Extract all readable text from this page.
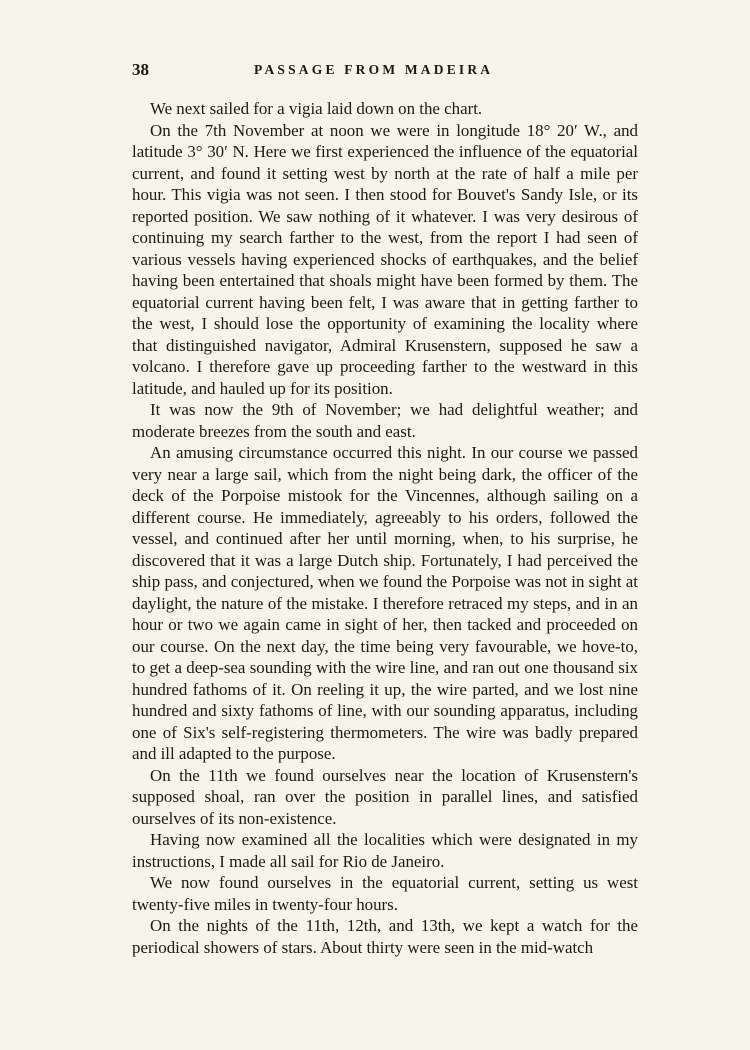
38	PASSAGE FROM MADEIRA

We next sailed for a vigia laid down on the chart.

On the 7th November at noon we were in longitude 18° 20′ W., and latitude 3° 30′ N. Here we first experienced the influence of the equatorial current, and found it setting west by north at the rate of half a mile per hour. This vigia was not seen. I then stood for Bouvet's Sandy Isle, or its reported position. We saw nothing of it whatever. I was very desirous of continuing my search farther to the west, from the report I had seen of various vessels having experienced shocks of earthquakes, and the belief having been entertained that shoals might have been formed by them. The equatorial current having been felt, I was aware that in getting farther to the west, I should lose the opportunity of examining the locality where that distinguished navigator, Admiral Krusenstern, supposed he saw a volcano. I therefore gave up proceeding farther to the westward in this latitude, and hauled up for its position.

It was now the 9th of November; we had delightful weather; and moderate breezes from the south and east.

An amusing circumstance occurred this night. In our course we passed very near a large sail, which from the night being dark, the officer of the deck of the Porpoise mistook for the Vincennes, although sailing on a different course. He immediately, agreeably to his orders, followed the vessel, and continued after her until morning, when, to his surprise, he discovered that it was a large Dutch ship. Fortunately, I had perceived the ship pass, and conjectured, when we found the Porpoise was not in sight at daylight, the nature of the mistake. I therefore retraced my steps, and in an hour or two we again came in sight of her, then tacked and proceeded on our course. On the next day, the time being very favourable, we hove-to, to get a deep-sea sounding with the wire line, and ran out one thousand six hundred fathoms of it. On reeling it up, the wire parted, and we lost nine hundred and sixty fathoms of line, with our sounding apparatus, including one of Six's self-registering thermometers. The wire was badly prepared and ill adapted to the purpose.

On the 11th we found ourselves near the location of Krusenstern's supposed shoal, ran over the position in parallel lines, and satisfied ourselves of its non-existence.

Having now examined all the localities which were designated in my instructions, I made all sail for Rio de Janeiro.

We now found ourselves in the equatorial current, setting us west twenty-five miles in twenty-four hours.

On the nights of the 11th, 12th, and 13th, we kept a watch for the periodical showers of stars. About thirty were seen in the mid-watch
